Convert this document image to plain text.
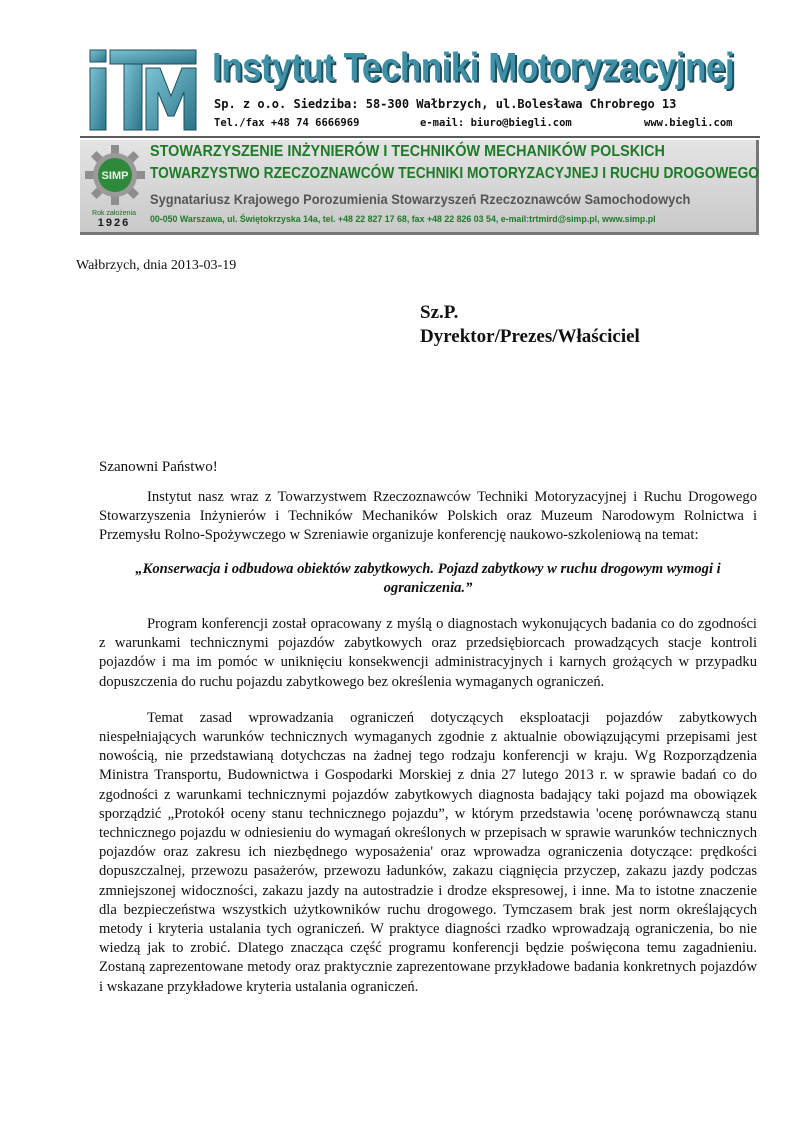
Instytut Techniki Motoryzacyjnej
Sp. z o.o. Siedziba: 58-300 Wałbrzych, ul.Bolesława Chrobrego 13
Tel./fax +48 74 6666969	e-mail: biuro@biegli.com	www.biegli.com
SIMP
Rok założenia
1926
STOWARZYSZENIE INŻYNIERÓW I TECHNIKÓW MECHANIKÓW POLSKICH
TOWARZYSTWO RZECZOZNAWCÓW TECHNIKI MOTORYZACYJNEJ I RUCHU DROGOWEGO
Sygnatariusz Krajowego Porozumienia Stowarzyszeń Rzeczoznawców Samochodowych
00-050 Warszawa, ul. Świętokrzyska 14a, tel. +48 22 827 17 68, fax +48 22 826 03 54, e-mail:trtmird@simp.pl, www.simp.pl
Wałbrzych, dnia 2013-03-19
Sz.P.
Dyrektor/Prezes/Właściciel
Szanowni Państwo!

Instytut nasz wraz z Towarzystwem Rzeczoznawców Techniki Motoryzacyjnej i Ruchu Drogowego Stowarzyszenia Inżynierów i Techników Mechaników Polskich oraz Muzeum Narodowym Rolnictwa i Przemysłu Rolno-Spożywczego w Szreniawie organizuje konferencję naukowo-szkoleniową na temat:

„Konserwacja i odbudowa obiektów zabytkowych. Pojazd zabytkowy w ruchu drogowym wymogi i ograniczenia.”

Program konferencji został opracowany z myślą o diagnostach wykonujących badania co do zgodności z warunkami technicznymi pojazdów zabytkowych oraz przedsiębiorcach prowadzących stacje kontroli pojazdów i ma im pomóc w uniknięciu konsekwencji administracyjnych i karnych grożących w przypadku dopuszczenia do ruchu pojazdu zabytkowego bez określenia wymaganych ograniczeń.

Temat zasad wprowadzania ograniczeń dotyczących eksploatacji pojazdów zabytkowych niespełniających warunków technicznych wymaganych zgodnie z aktualnie obowiązującymi przepisami jest nowością, nie przedstawianą dotychczas na żadnej tego rodzaju konferencji w kraju. Wg Rozporządzenia Ministra Transportu, Budownictwa i Gospodarki Morskiej z dnia 27 lutego 2013 r. w sprawie badań co do zgodności z warunkami technicznymi pojazdów zabytkowych diagnosta badający taki pojazd ma obowiązek sporządzić „Protokół oceny stanu technicznego pojazdu”, w którym przedstawia 'ocenę porównawczą stanu technicznego pojazdu w odniesieniu do wymagań określonych w przepisach w sprawie warunków technicznych pojazdów oraz zakresu ich niezbędnego wyposażenia' oraz wprowadza ograniczenia dotyczące: prędkości dopuszczalnej, przewozu pasażerów, przewozu ładunków, zakazu ciągnięcia przyczep, zakazu jazdy podczas zmniejszonej widoczności, zakazu jazdy na autostradzie i drodze ekspresowej, i inne. Ma to istotne znaczenie dla bezpieczeństwa wszystkich użytkowników ruchu drogowego. Tymczasem brak jest norm określających metody i kryteria ustalania tych ograniczeń. W praktyce diagności rzadko wprowadzają ograniczenia, bo nie wiedzą jak to zrobić. Dlatego znacząca część programu konferencji będzie poświęcona temu zagadnieniu. Zostaną zaprezentowane metody oraz praktycznie zaprezentowane przykładowe badania konkretnych pojazdów i wskazane przykładowe kryteria ustalania ograniczeń.
